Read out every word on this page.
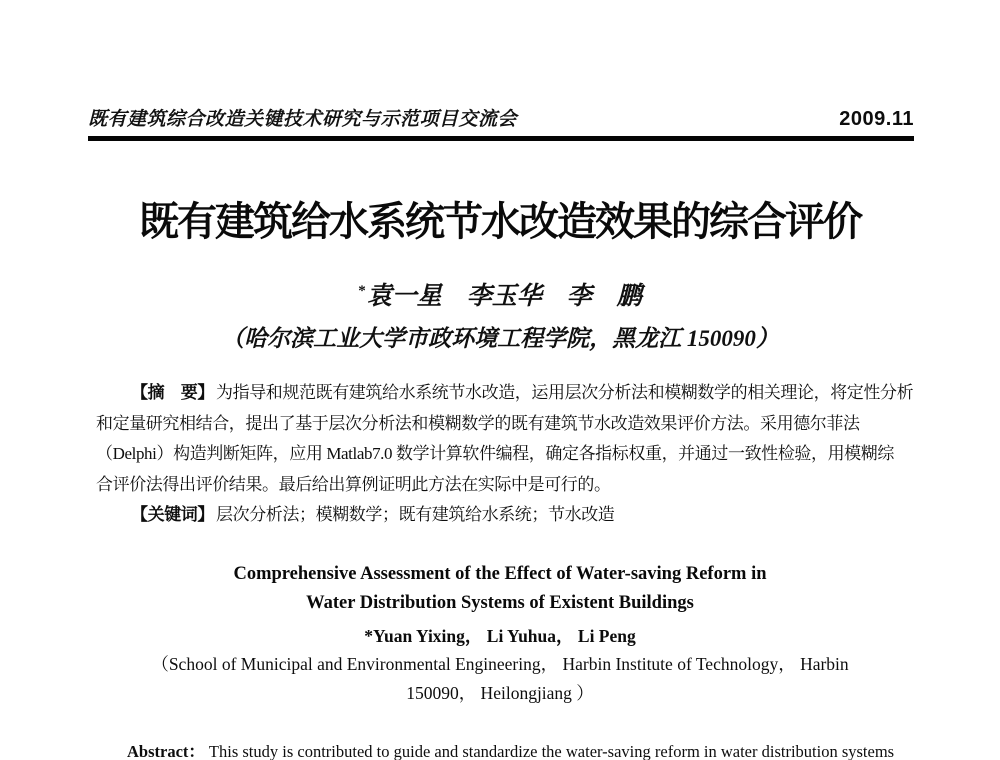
既有建筑综合改造关键技术研究与示范项目交流会	2009.11
既有建筑给水系统节水改造效果的综合评价
*袁一星　李玉华　李　鹏
（哈尔滨工业大学市政环境工程学院，黑龙江 150090）
【摘　要】 为指导和规范既有建筑给水系统节水改造，运用层次分析法和模糊数学的相关理论，将定性分析
和定量研究相结合，提出了基于层次分析法和模糊数学的既有建筑节水改造效果评价方法。采用德尔菲法
（Delphi）构造判断矩阵，应用 Matlab7.0 数学计算软件编程，确定各指标权重，并通过一致性检验，用模糊综
合评价法得出评价结果。最后给出算例证明此方法在实际中是可行的。
【关键词】 层次分析法；模糊数学；既有建筑给水系统；节水改造
Comprehensive Assessment of the Effect of Water-saving Reform in
Water Distribution Systems of Existent Buildings
*Yuan Yixing， Li Yuhua， Li Peng
（School of Municipal and Environmental Engineering， Harbin Institute of Technology， Harbin
150090， Heilongjiang ）
Abstract： This study is contributed to guide and standardize the water-saving reform in water distribution systems
